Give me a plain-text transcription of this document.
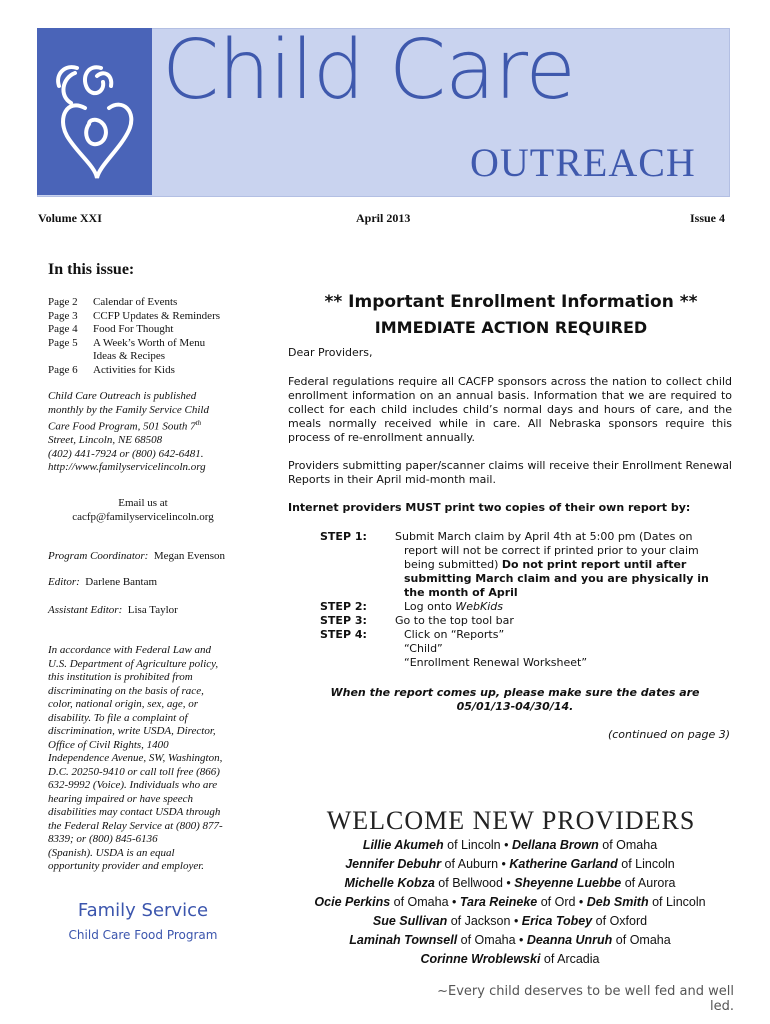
Child Care
OUTREACH
Volume XXI	April 2013	Issue 4
In this issue:
Page 2	Calendar of Events
Page 3	CCFP Updates & Reminders
Page 4	Food For Thought
Page 5	A Week’s Worth of Menu Ideas & Recipes
Page 6	Activities for Kids
Child Care Outreach is published
monthly by the Family Service Child
Care Food Program, 501 South 7th
Street, Lincoln, NE 68508
(402) 441-7924 or (800) 642-6481.
http://www.familyservicelincoln.org
Email us at
cacfp@familyservicelincoln.org
Program Coordinator: Megan Evenson
Editor: Darlene Bantam
Assistant Editor: Lisa Taylor
In accordance with Federal Law and
U.S. Department of Agriculture policy,
this institution is prohibited from
discriminating on the basis of race,
color, national origin, sex, age, or
disability. To file a complaint of
discrimination, write USDA, Director,
Office of Civil Rights, 1400
Independence Avenue, SW, Washington,
D.C. 20250-9410 or call toll free (866)
632-9992 (Voice). Individuals who are
hearing impaired or have speech
disabilities may contact USDA through
the Federal Relay Service at (800) 877-
8339; or (800) 845-6136
(Spanish). USDA is an equal
opportunity provider and employer.
Family Service
Child Care Food Program
** Important Enrollment Information **
IMMEDIATE ACTION REQUIRED
Dear Providers,
Federal regulations require all CACFP sponsors across the nation to collect child enrollment information on an annual basis. Information that we are required to collect for each child includes child’s normal days and hours of care, and the meals normally received while in care. All Nebraska sponsors require this process of re-enrollment annually.
Providers submitting paper/scanner claims will receive their Enrollment Renewal Reports in their April mid-month mail.
Internet providers MUST print two copies of their own report by:
STEP 1:	Submit March claim by April 4th at 5:00 pm (Dates on
report will not be correct if printed prior to your claim
being submitted) Do not print report until after
submitting March claim and you are physically in
the month of April
STEP 2:	Log onto WebKids
STEP 3:	Go to the top tool bar
STEP 4:	Click on “Reports”
“Child”
“Enrollment Renewal Worksheet”
When the report comes up, please make sure the dates are
05/01/13-04/30/14.
(continued on page 3)
WELCOME NEW PROVIDERS
Lillie Akumeh of Lincoln • Dellana Brown of Omaha
Jennifer Debuhr of Auburn • Katherine Garland of Lincoln
Michelle Kobza of Bellwood • Sheyenne Luebbe of Aurora
Ocie Perkins of Omaha • Tara Reineke of Ord • Deb Smith of Lincoln
Sue Sullivan of Jackson • Erica Tobey of Oxford
Laminah Townsell of Omaha • Deanna Unruh of Omaha
Corinne Wroblewski of Arcadia
~Every child deserves to be well fed and well led.
